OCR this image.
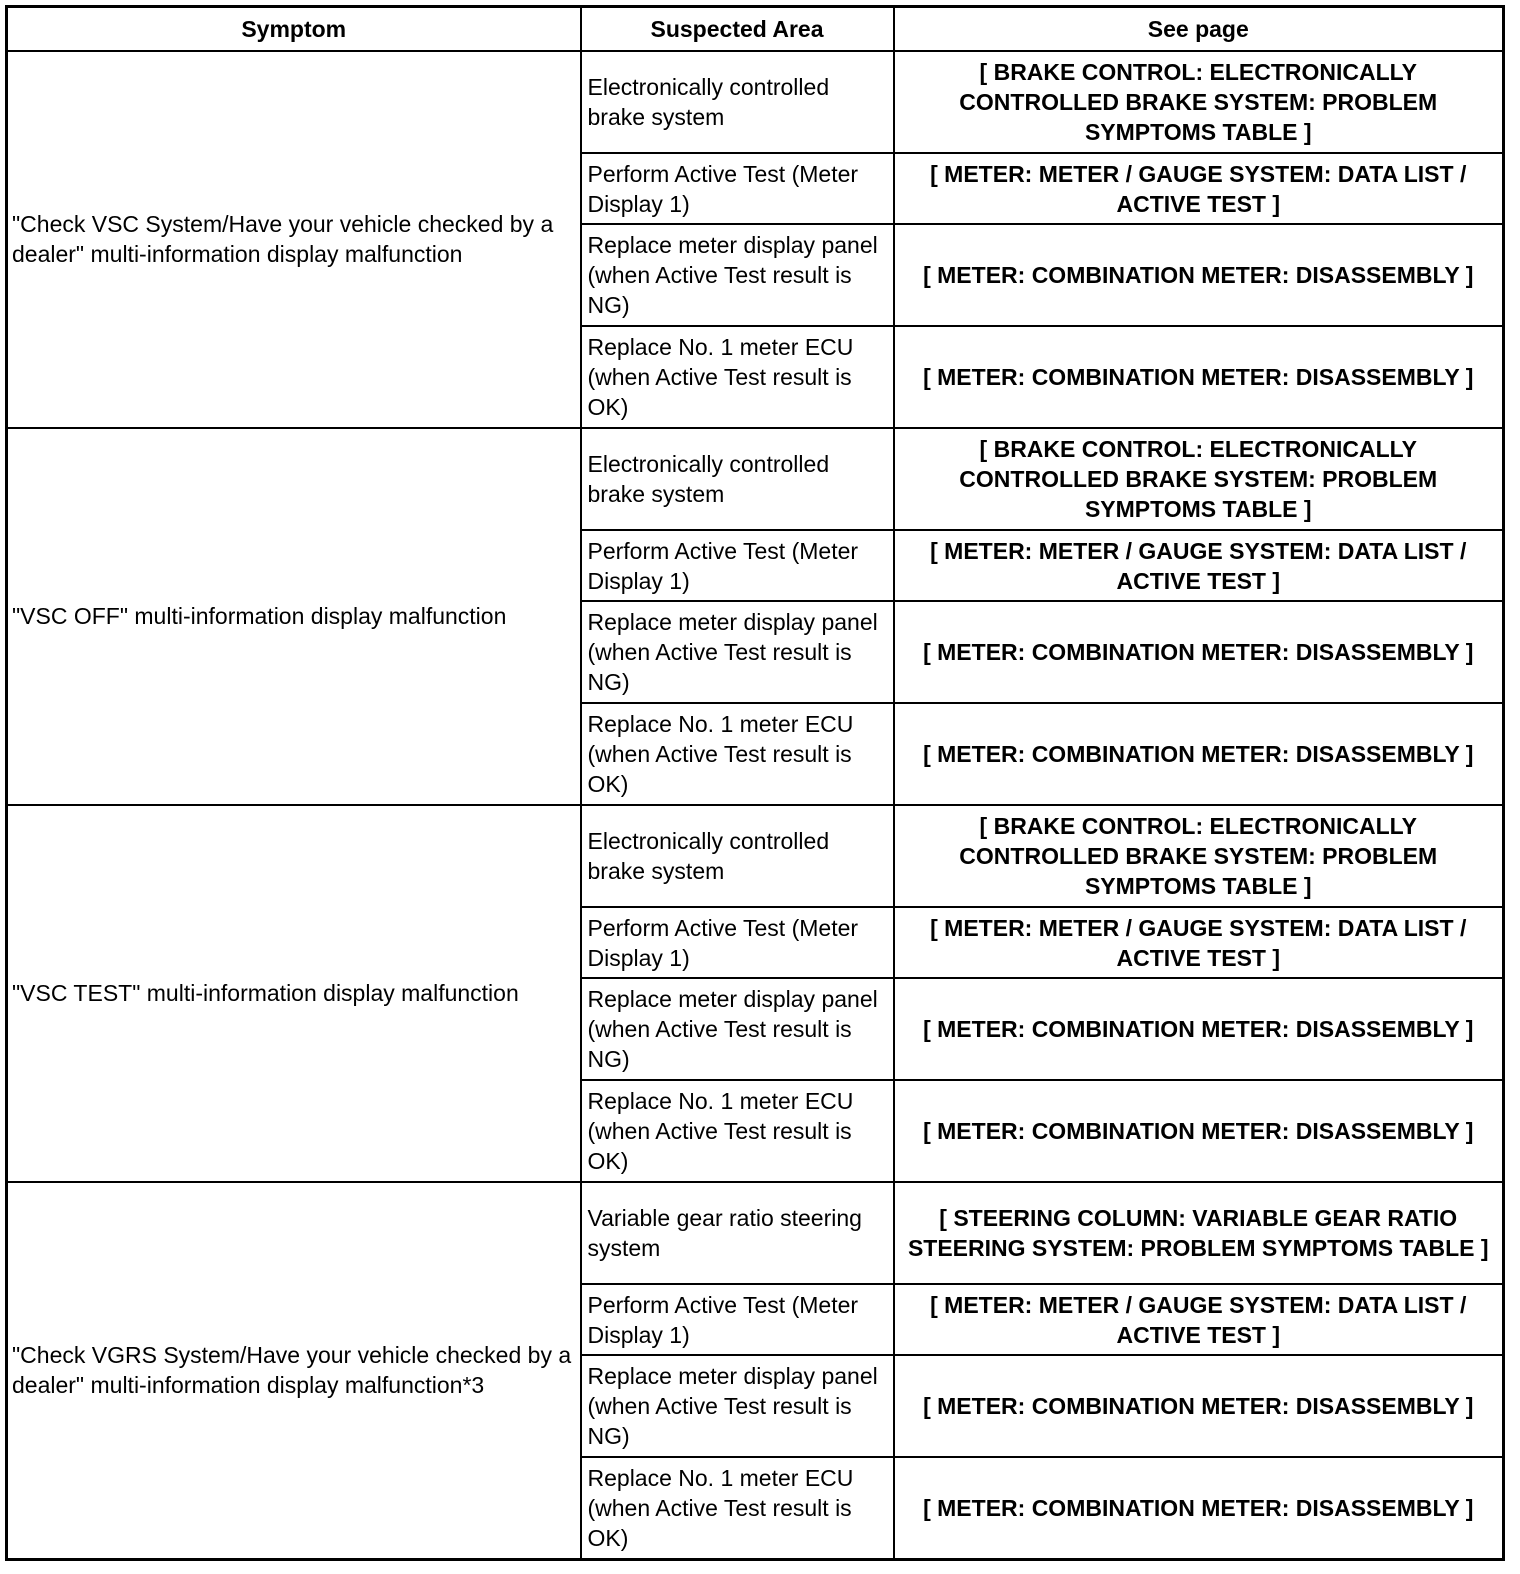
Symptom	Suspected Area	See page
"Check VSC System/Have your vehicle checked by a dealer" multi-information display malfunction	Electronically controlled brake system	[ BRAKE CONTROL: ELECTRONICALLY CONTROLLED BRAKE SYSTEM: PROBLEM SYMPTOMS TABLE ]
	Perform Active Test (Meter Display 1)	[ METER: METER / GAUGE SYSTEM: DATA LIST / ACTIVE TEST ]
	Replace meter display panel (when Active Test result is NG)	[ METER: COMBINATION METER: DISASSEMBLY ]
	Replace No. 1 meter ECU (when Active Test result is OK)	[ METER: COMBINATION METER: DISASSEMBLY ]
"VSC OFF" multi-information display malfunction	Electronically controlled brake system	[ BRAKE CONTROL: ELECTRONICALLY CONTROLLED BRAKE SYSTEM: PROBLEM SYMPTOMS TABLE ]
	Perform Active Test (Meter Display 1)	[ METER: METER / GAUGE SYSTEM: DATA LIST / ACTIVE TEST ]
	Replace meter display panel (when Active Test result is NG)	[ METER: COMBINATION METER: DISASSEMBLY ]
	Replace No. 1 meter ECU (when Active Test result is OK)	[ METER: COMBINATION METER: DISASSEMBLY ]
"VSC TEST" multi-information display malfunction	Electronically controlled brake system	[ BRAKE CONTROL: ELECTRONICALLY CONTROLLED BRAKE SYSTEM: PROBLEM SYMPTOMS TABLE ]
	Perform Active Test (Meter Display 1)	[ METER: METER / GAUGE SYSTEM: DATA LIST / ACTIVE TEST ]
	Replace meter display panel (when Active Test result is NG)	[ METER: COMBINATION METER: DISASSEMBLY ]
	Replace No. 1 meter ECU (when Active Test result is OK)	[ METER: COMBINATION METER: DISASSEMBLY ]
"Check VGRS System/Have your vehicle checked by a dealer" multi-information display malfunction*3	Variable gear ratio steering system	[ STEERING COLUMN: VARIABLE GEAR RATIO STEERING SYSTEM: PROBLEM SYMPTOMS TABLE ]
	Perform Active Test (Meter Display 1)	[ METER: METER / GAUGE SYSTEM: DATA LIST / ACTIVE TEST ]
	Replace meter display panel (when Active Test result is NG)	[ METER: COMBINATION METER: DISASSEMBLY ]
	Replace No. 1 meter ECU (when Active Test result is OK)	[ METER: COMBINATION METER: DISASSEMBLY ]
